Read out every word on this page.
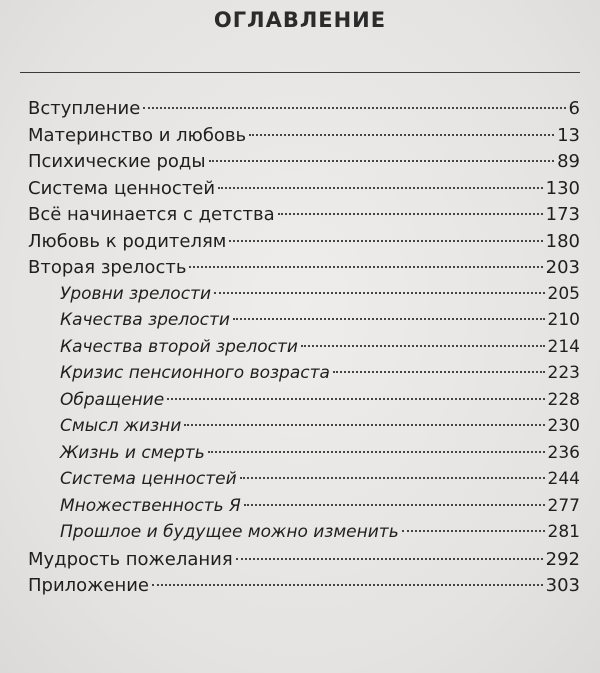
ОГЛАВЛЕНИЕ
Вступление	6
Материнство и любовь	13
Психические роды	89
Система ценностей	130
Всё начинается с детства	173
Любовь к родителям	180
Вторая зрелость	203
Уровни зрелости	205
Качества зрелости	210
Качества второй зрелости	214
Кризис пенсионного возраста	223
Обращение	228
Смысл жизни	230
Жизнь и смерть	236
Система ценностей	244
Множественность Я	277
Прошлое и будущее можно изменить	281
Мудрость пожелания	292
Приложение	303
